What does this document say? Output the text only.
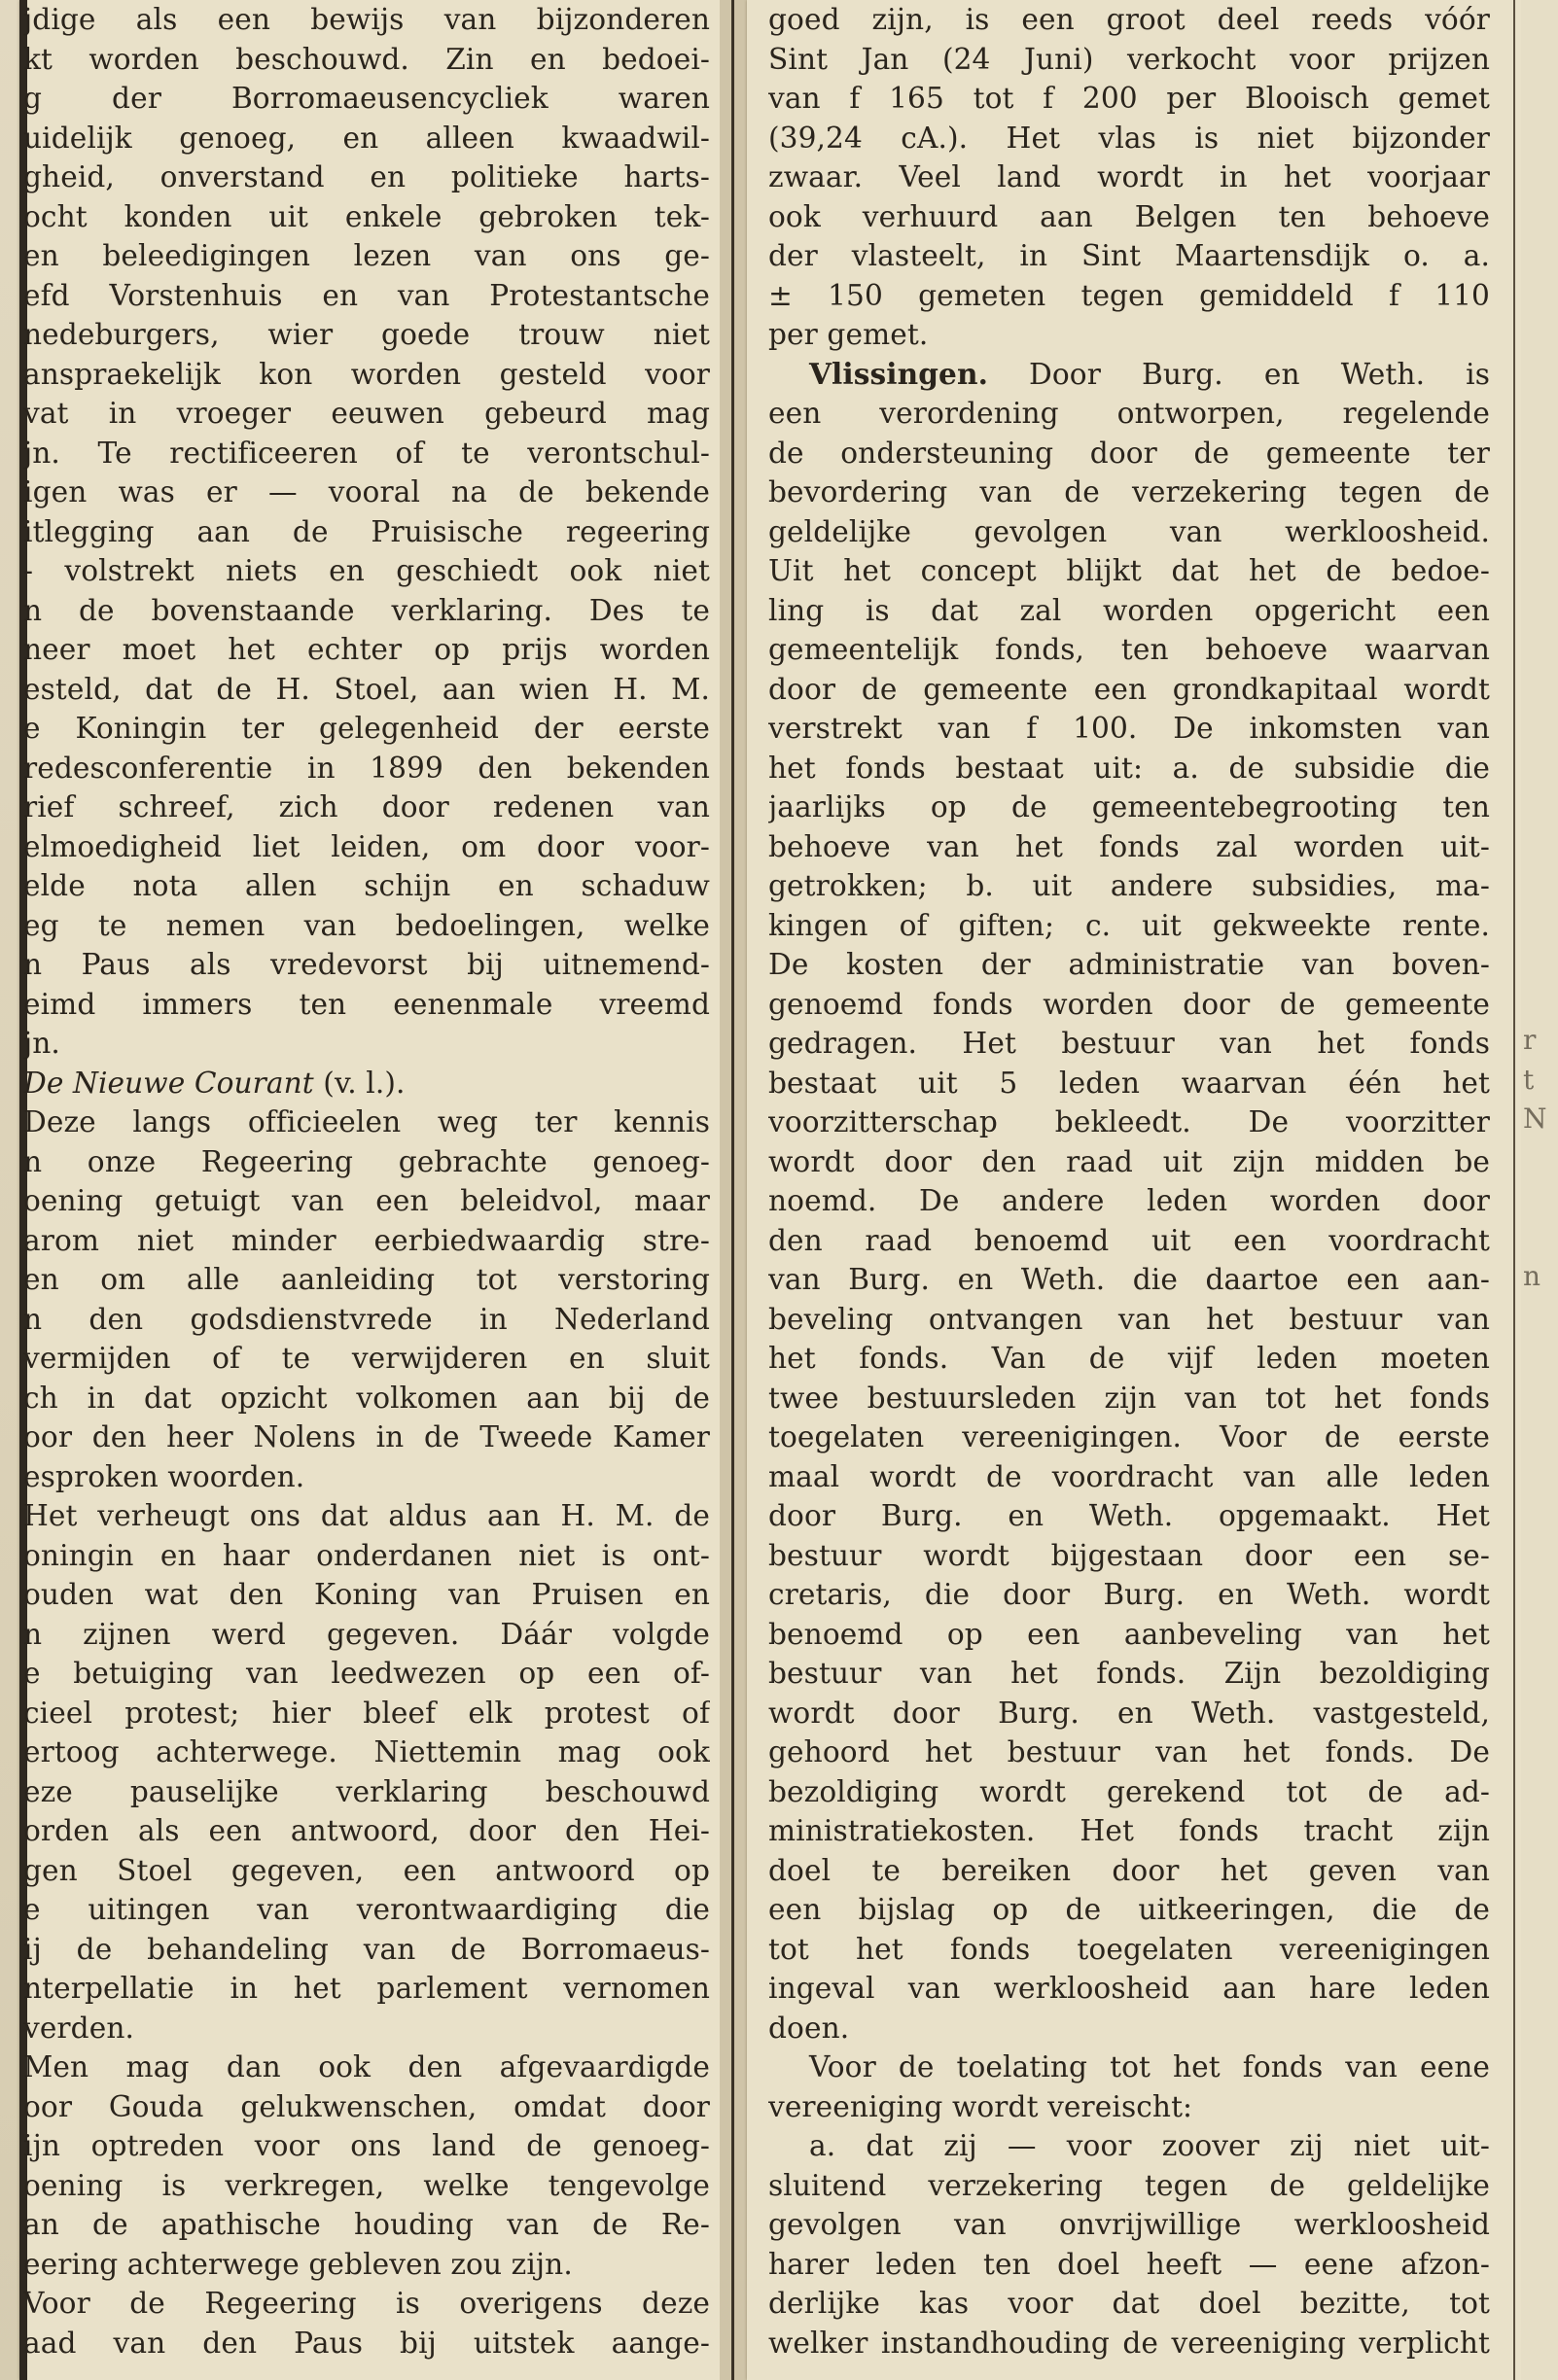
jdige als een bewijs van bijzonderen
kt worden beschouwd. Zin en bedoei-
g der Borromaeusencycliek waren
uidelijk genoeg, en alleen kwaadwil-
gheid, onverstand en politieke harts-
ocht konden uit enkele gebroken tek-
en beleedigingen lezen van ons ge-
efd Vorstenhuis en van Protestantsche
nedeburgers, wier goede trouw niet
anspraekelijk kon worden gesteld voor
vat in vroeger eeuwen gebeurd mag
jn. Te rectificeeren of te verontschul-
igen was er — vooral na de bekende
itlegging aan de Pruisische regeering
- volstrekt niets en geschiedt ook niet
n de bovenstaande verklaring. Des te
neer moet het echter op prijs worden
esteld, dat de H. Stoel, aan wien H. M.
e Koningin ter gelegenheid der eerste
redesconferentie in 1899 den bekenden
rief schreef, zich door redenen van
elmoedigheid liet leiden, om door voor-
elde nota allen schijn en schaduw
eg te nemen van bedoelingen, welke
n Paus als vredevorst bij uitnemend-
eimd immers ten eenenmale vreemd
jn.
De Nieuwe Courant (v. l.).
Deze langs officieelen weg ter kennis
n onze Regeering gebrachte genoeg-
oening getuigt van een beleidvol, maar
arom niet minder eerbiedwaardig stre-
en om alle aanleiding tot verstoring
n den godsdienstvrede in Nederland
vermijden of te verwijderen en sluit
ch in dat opzicht volkomen aan bij de
oor den heer Nolens in de Tweede Kamer
esproken woorden.
Het verheugt ons dat aldus aan H. M. de
oningin en haar onderdanen niet is ont-
ouden wat den Koning van Pruisen en
n zijnen werd gegeven. Dáár volgde
e betuiging van leedwezen op een of-
cieel protest; hier bleef elk protest of
ertoog achterwege. Niettemin mag ook
eze pauselijke verklaring beschouwd
orden als een antwoord, door den Hei-
gen Stoel gegeven, een antwoord op
e uitingen van verontwaardiging die
ij de behandeling van de Borromaeus-
nterpellatie in het parlement vernomen
verden.
Men mag dan ook den afgevaardigde
oor Gouda gelukwenschen, omdat door
ijn optreden voor ons land de genoeg-
oening is verkregen, welke tengevolge
an de apathische houding van de Re-
eering achterwege gebleven zou zijn.
Voor de Regeering is overigens deze
aad van den Paus bij uitstek aange-
goed zijn, is een groot deel reeds vóór
Sint Jan (24 Juni) verkocht voor prijzen
van f 165 tot f 200 per Blooisch gemet
(39,24 cA.). Het vlas is niet bijzonder
zwaar. Veel land wordt in het voorjaar
ook verhuurd aan Belgen ten behoeve
der vlasteelt, in Sint Maartensdijk o. a.
± 150 gemeten tegen gemiddeld f 110
per gemet.
Vlissingen. Door Burg. en Weth. is
een verordening ontworpen, regelende
de ondersteuning door de gemeente ter
bevordering van de verzekering tegen de
geldelijke gevolgen van werkloosheid.
Uit het concept blijkt dat het de bedoe-
ling is dat zal worden opgericht een
gemeentelijk fonds, ten behoeve waarvan
door de gemeente een grondkapitaal wordt
verstrekt van f 100. De inkomsten van
het fonds bestaat uit: a. de subsidie die
jaarlijks op de gemeentebegrooting ten
behoeve van het fonds zal worden uit-
getrokken; b. uit andere subsidies, ma-
kingen of giften; c. uit gekweekte rente.
De kosten der administratie van boven-
genoemd fonds worden door de gemeente
gedragen. Het bestuur van het fonds
bestaat uit 5 leden waarvan één het
voorzitterschap bekleedt. De voorzitter
wordt door den raad uit zijn midden be
noemd. De andere leden worden door
den raad benoemd uit een voordracht
van Burg. en Weth. die daartoe een aan-
beveling ontvangen van het bestuur van
het fonds. Van de vijf leden moeten
twee bestuursleden zijn van tot het fonds
toegelaten vereenigingen. Voor de eerste
maal wordt de voordracht van alle leden
door Burg. en Weth. opgemaakt. Het
bestuur wordt bijgestaan door een se-
cretaris, die door Burg. en Weth. wordt
benoemd op een aanbeveling van het
bestuur van het fonds. Zijn bezoldiging
wordt door Burg. en Weth. vastgesteld,
gehoord het bestuur van het fonds. De
bezoldiging wordt gerekend tot de ad-
ministratiekosten. Het fonds tracht zijn
doel te bereiken door het geven van
een bijslag op de uitkeeringen, die de
tot het fonds toegelaten vereenigingen
ingeval van werkloosheid aan hare leden
doen.
Voor de toelating tot het fonds van eene
vereeniging wordt vereischt:
a. dat zij — voor zoover zij niet uit-
sluitend verzekering tegen de geldelijke
gevolgen van onvrijwillige werkloosheid
harer leden ten doel heeft — eene afzon-
derlijke kas voor dat doel bezitte, tot
welker instandhouding de vereeniging verplicht
r
t
N

n
